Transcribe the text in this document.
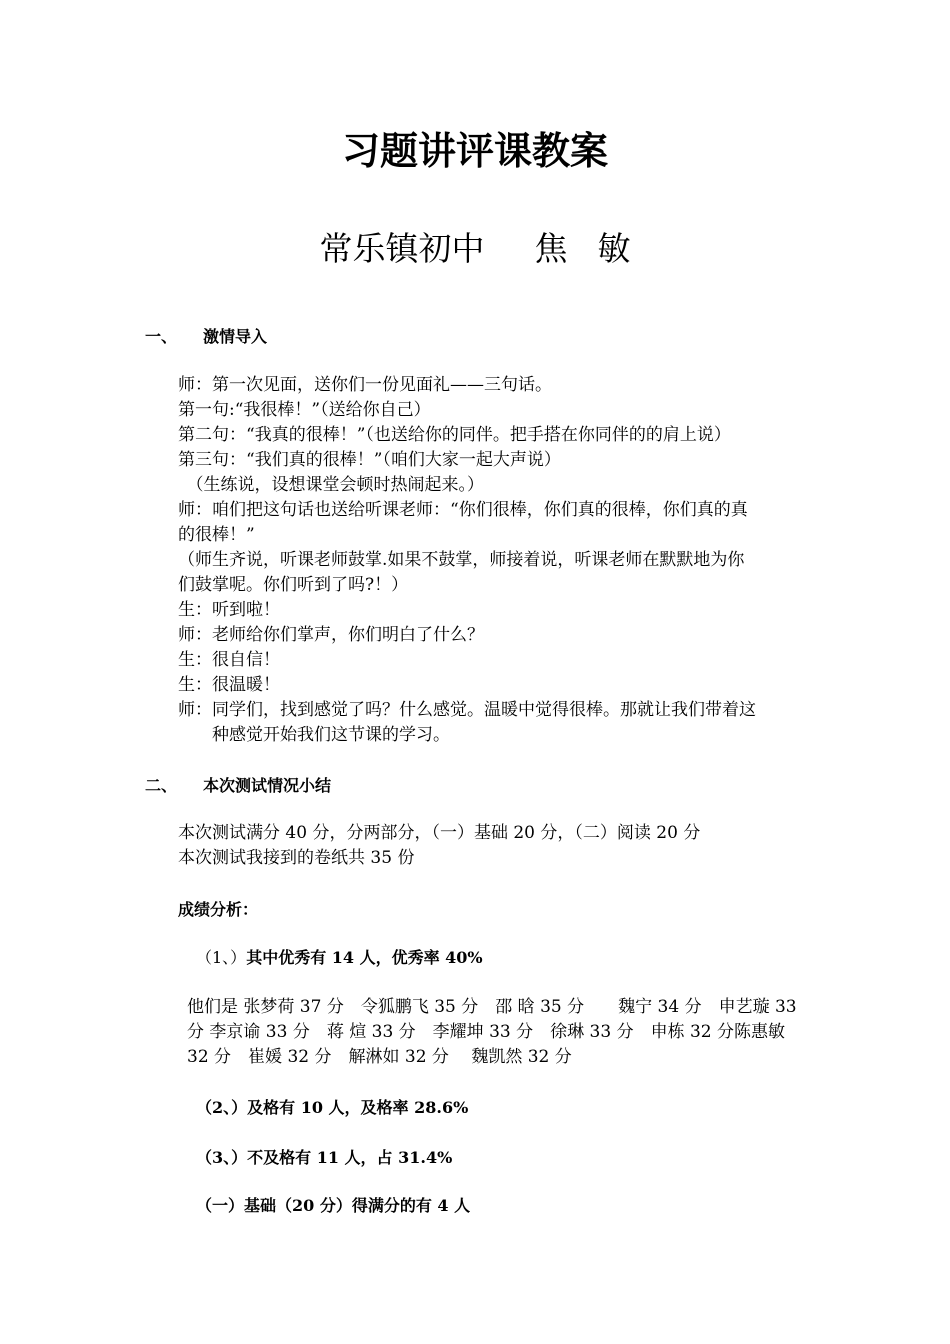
习题讲评课教案
常乐镇初中 焦 敏
一、 激情导入
师：第一次见面，送你们一份见面礼——三句话。
第一句:“我很棒！”（送给你自己）
第二句：“我真的很棒！”（也送给你的同伴。把手搭在你同伴的的肩上说）
第三句：“我们真的很棒！”（咱们大家一起大声说）
　（生练说，设想课堂会顿时热闹起来。）
师：咱们把这句话也送给听课老师：“你们很棒，你们真的很棒，你们真的真
的很棒！”
（师生齐说，听课老师鼓掌.如果不鼓掌，师接着说，听课老师在默默地为你
们鼓掌呢。你们听到了吗?！）
生：听到啦！
师：老师给你们掌声，你们明白了什么？
生：很自信！
生：很温暖！
师：同学们，找到感觉了吗？什么感觉。温暖中觉得很棒。那就让我们带着这
　　种感觉开始我们这节课的学习。
二、 本次测试情况小结
本次测试满分 40 分，分两部分，（一）基础 20 分，（二）阅读 20 分
本次测试我接到的卷纸共 35 份
成绩分析：
（1、）其中优秀有 14 人，优秀率 40%
他们是 张梦荷 37 分　令狐鹏飞 35 分　邵 晗 35 分　　魏宁 34 分　申艺璇 33
分 李京谕 33 分　蒋 煊 33 分　李耀坤 33 分　徐琳 33 分　申栋 32 分陈惠敏
32 分　崔媛 32 分　解淋如 32 分　 魏凯然 32 分
（2、）及格有 10 人，及格率 28.6%
（3、）不及格有 11 人，占 31.4%
（一）基础（20 分）得满分的有 4 人
